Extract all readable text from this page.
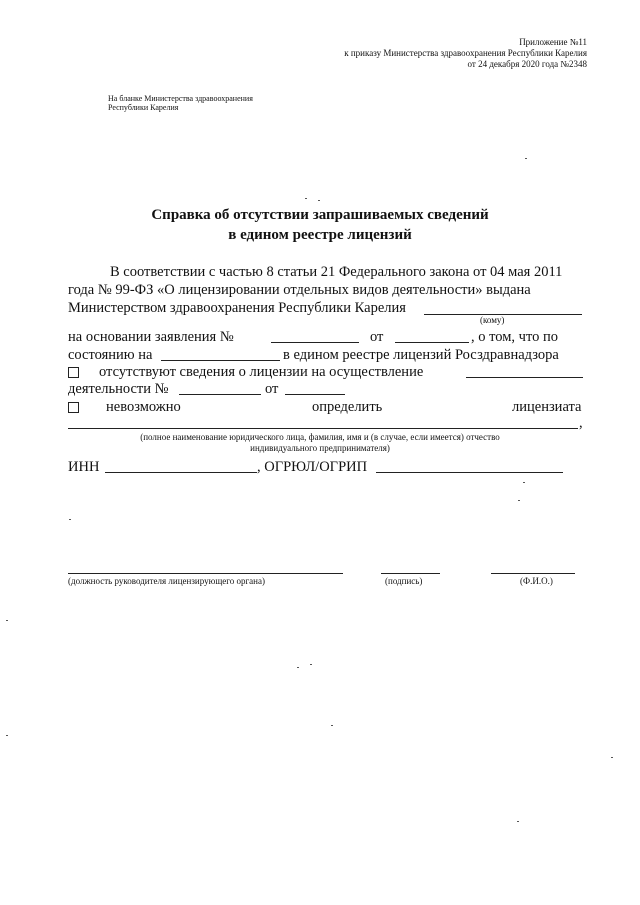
Приложение №11
к приказу Министерства здравоохранения Республики Карелия
от 24 декабря 2020 года №2348
На бланке Министерства здравоохранения
Республики Карелия
Справка об отсутствии запрашиваемых сведений
в едином реестре лицензий
В соответствии с частью 8 статьи 21 Федерального закона от 04 мая 2011
года № 99-ФЗ «О лицензировании отдельных видов деятельности» выдана
Министерством здравоохранения Республики Карелия
(кому)
на основании заявления №	от	, о том, что по
состоянию на	в едином реестре лицензий Росздравнадзора
отсутствуют сведения о лицензии на осуществление
деятельности №	от
невозможно	определить	лицензиата
,
(полное наименование юридического лица, фамилия, имя и (в случае, если имеется) отчество
индивидуального предпринимателя)
ИНН	, ОГРЮЛ/ОГРИП
(должность руководителя лицензирующего органа)	(подпись)	(Ф.И.О.)
